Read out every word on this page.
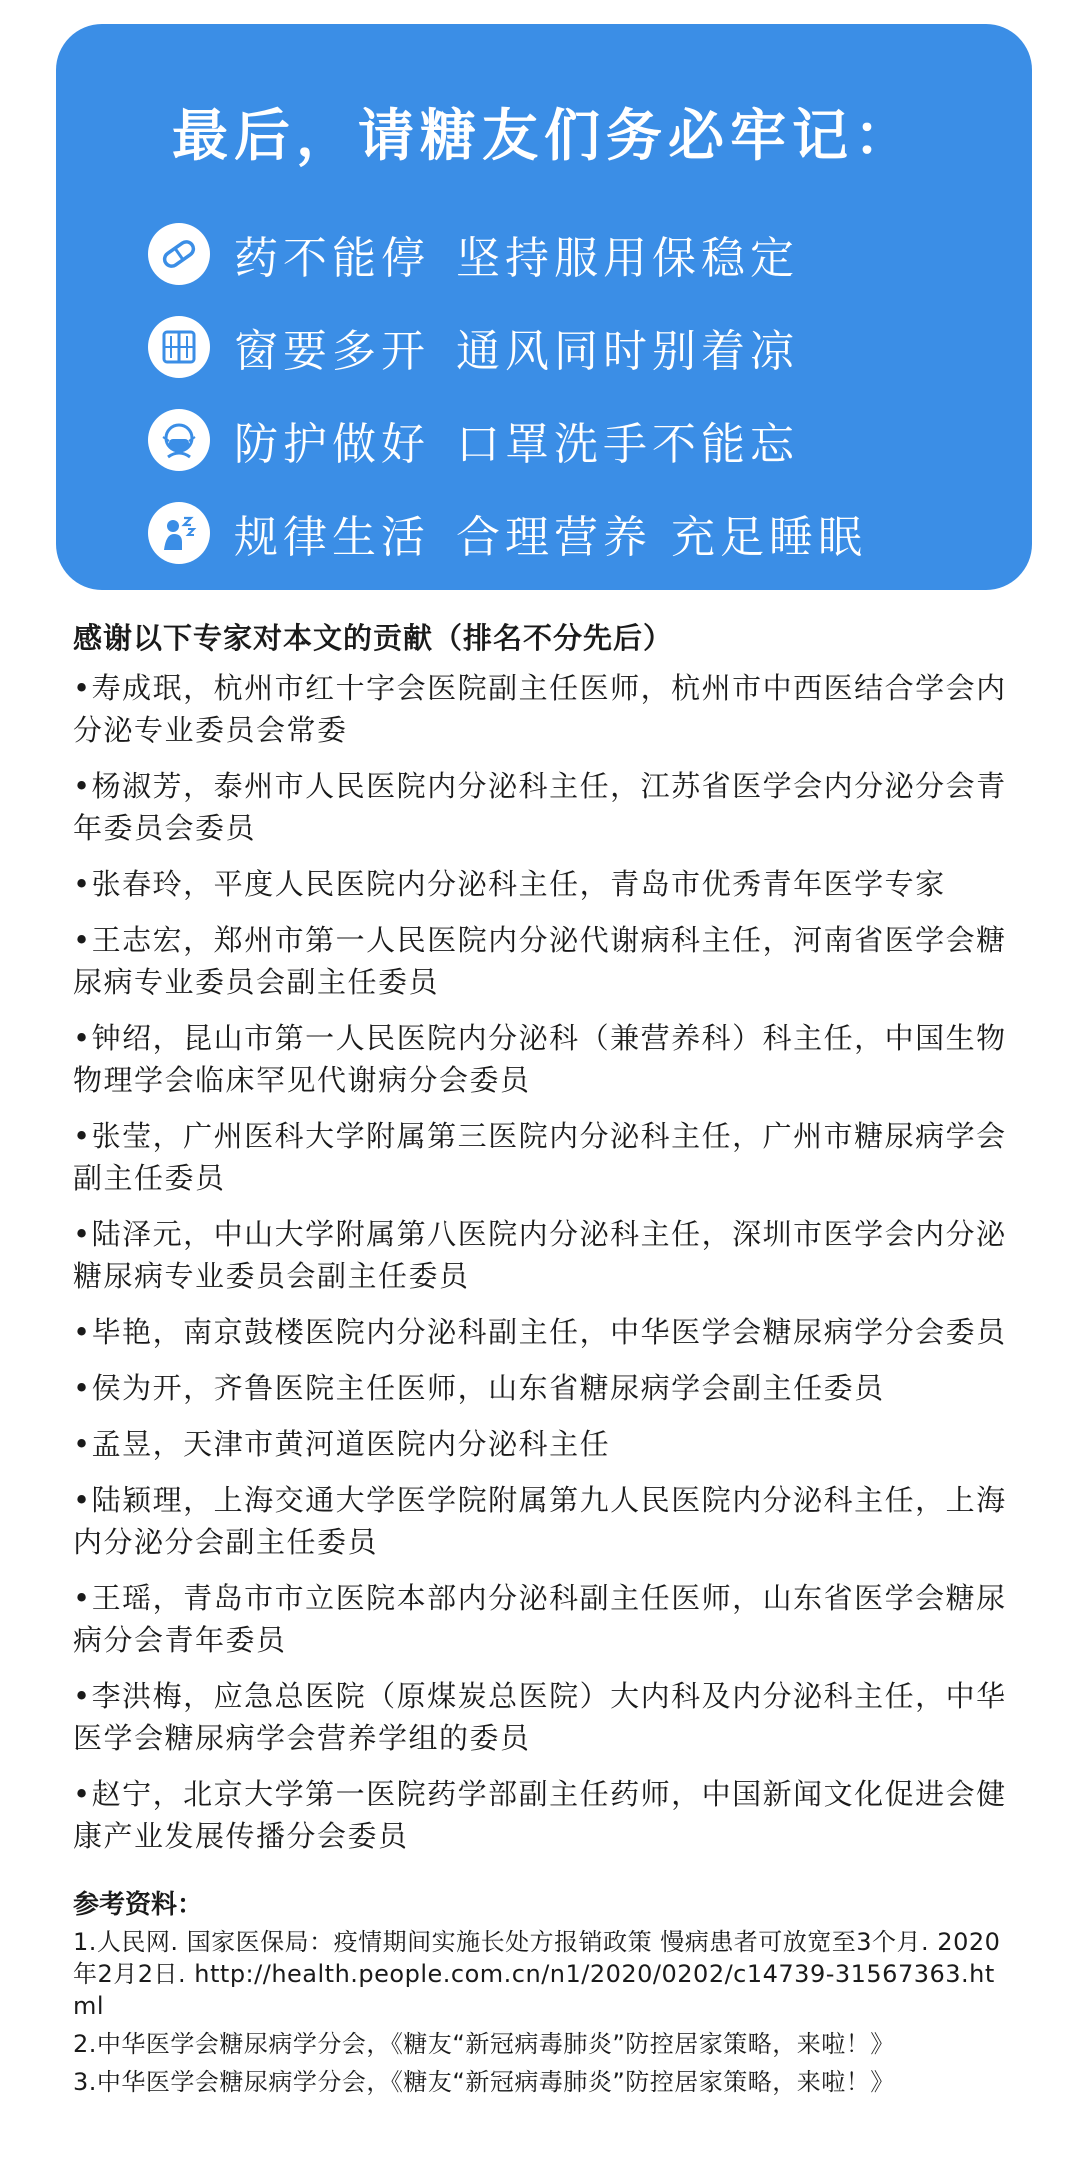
最后，请糖友们务必牢记：
药不能停 坚持服用保稳定
窗要多开 通风同时别着凉
防护做好 口罩洗手不能忘
规律生活 合理营养 充足睡眠
感谢以下专家对本文的贡献（排名不分先后）
•寿成珉，杭州市红十字会医院副主任医师，杭州市中西医结合学会内分泌专业委员会常委
•杨淑芳，泰州市人民医院内分泌科主任，江苏省医学会内分泌分会青年委员会委员
•张春玲，平度人民医院内分泌科主任，青岛市优秀青年医学专家
•王志宏，郑州市第一人民医院内分泌代谢病科主任，河南省医学会糖尿病专业委员会副主任委员
•钟绍，昆山市第一人民医院内分泌科（兼营养科）科主任，中国生物物理学会临床罕见代谢病分会委员
•张莹，广州医科大学附属第三医院内分泌科主任，广州市糖尿病学会副主任委员
•陆泽元，中山大学附属第八医院内分泌科主任，深圳市医学会内分泌糖尿病专业委员会副主任委员
•毕艳，南京鼓楼医院内分泌科副主任，中华医学会糖尿病学分会委员
•侯为开，齐鲁医院主任医师，山东省糖尿病学会副主任委员
•孟昱，天津市黄河道医院内分泌科主任
•陆颖理，上海交通大学医学院附属第九人民医院内分泌科主任，上海内分泌分会副主任委员
•王瑶，青岛市市立医院本部内分泌科副主任医师，山东省医学会糖尿病分会青年委员
•李洪梅，应急总医院（原煤炭总医院）大内科及内分泌科主任，中华医学会糖尿病学会营养学组的委员
•赵宁，北京大学第一医院药学部副主任药师，中国新闻文化促进会健康产业发展传播分会委员
参考资料：
1.人民网. 国家医保局：疫情期间实施长处方报销政策 慢病患者可放宽至3个月. 2020年2月2日. http://health.people.com.cn/n1/2020/0202/c14739-31567363.html
2.中华医学会糖尿病学分会，《糖友“新冠病毒肺炎”防控居家策略，来啦！》
3.中华医学会糖尿病学分会，《糖友“新冠病毒肺炎”防控居家策略，来啦！》
